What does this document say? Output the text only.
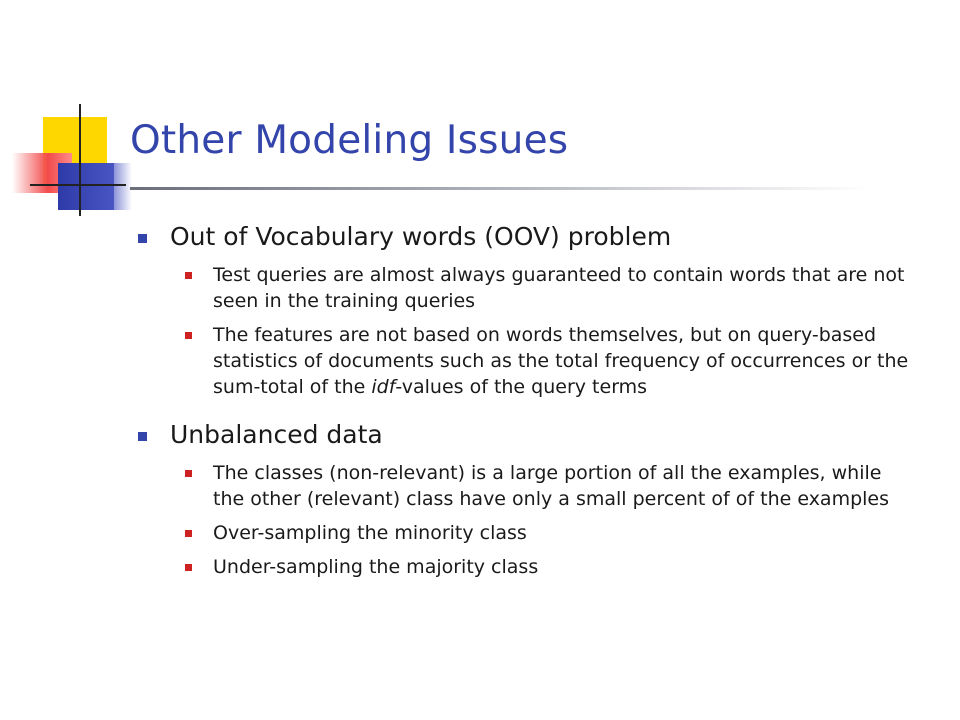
Other Modeling Issues

Out of Vocabulary words (OOV) problem

Test queries are almost always guaranteed to contain words that are not seen in the training queries

The features are not based on words themselves, but on query-based statistics of documents such as the total frequency of occurrences or the sum-total of the idf-values of the query terms

Unbalanced data

The classes (non-relevant) is a large portion of all the examples, while the other (relevant) class have only a small percent of of the examples

Over-sampling the minority class

Under-sampling the majority class
